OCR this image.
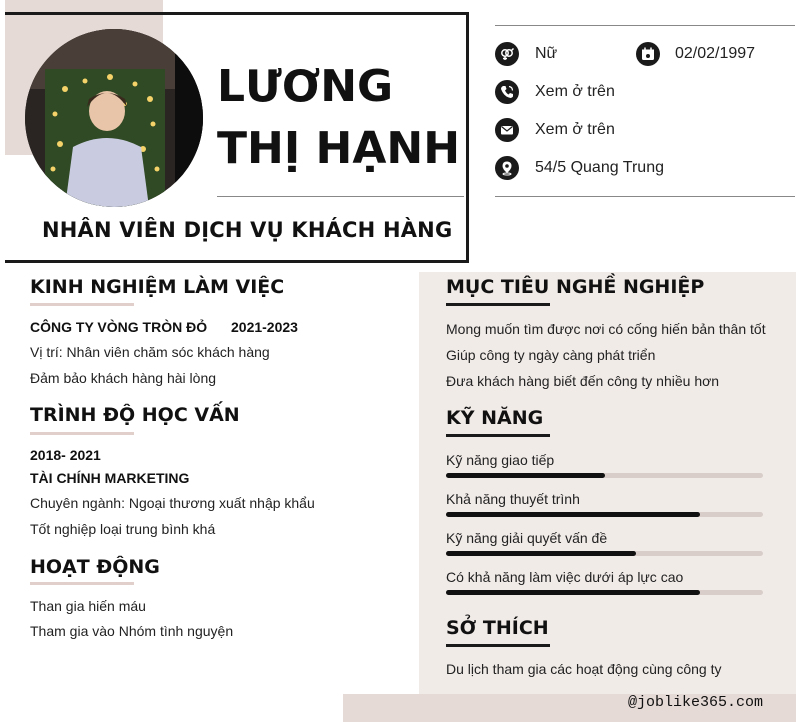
LƯƠNG
THỊ HẠNH
NHÂN VIÊN DỊCH VỤ KHÁCH HÀNG
Nữ	02/02/1997
Xem ở trên
Xem ở trên
54/5 Quang Trung
KINH NGHIỆM LÀM VIỆC
CÔNG TY VÒNG TRÒN ĐỎ 2021-2023
Vị trí: Nhân viên chăm sóc khách hàng
Đảm bảo khách hàng hài lòng
TRÌNH ĐỘ HỌC VẤN
2018- 2021
TÀI CHÍNH MARKETING
Chuyên ngành: Ngoại thương xuất nhập khẩu
Tốt nghiệp loại trung bình khá
HOẠT ĐỘNG
Than gia hiến máu
Tham gia vào Nhóm tình nguyện
MỤC TIÊU NGHỀ NGHIỆP
Mong muốn tìm được nơi có cống hiến bản thân tốt
Giúp công ty ngày càng phát triển
Đưa khách hàng biết đến công ty nhiều hơn
KỸ NĂNG
Kỹ năng giao tiếp
Khả năng thuyết trình
Kỹ năng giải quyết vấn đề
Có khả năng làm việc dưới áp lực cao
SỞ THÍCH
Du lịch tham gia các hoạt động cùng công ty
@joblike365.com
